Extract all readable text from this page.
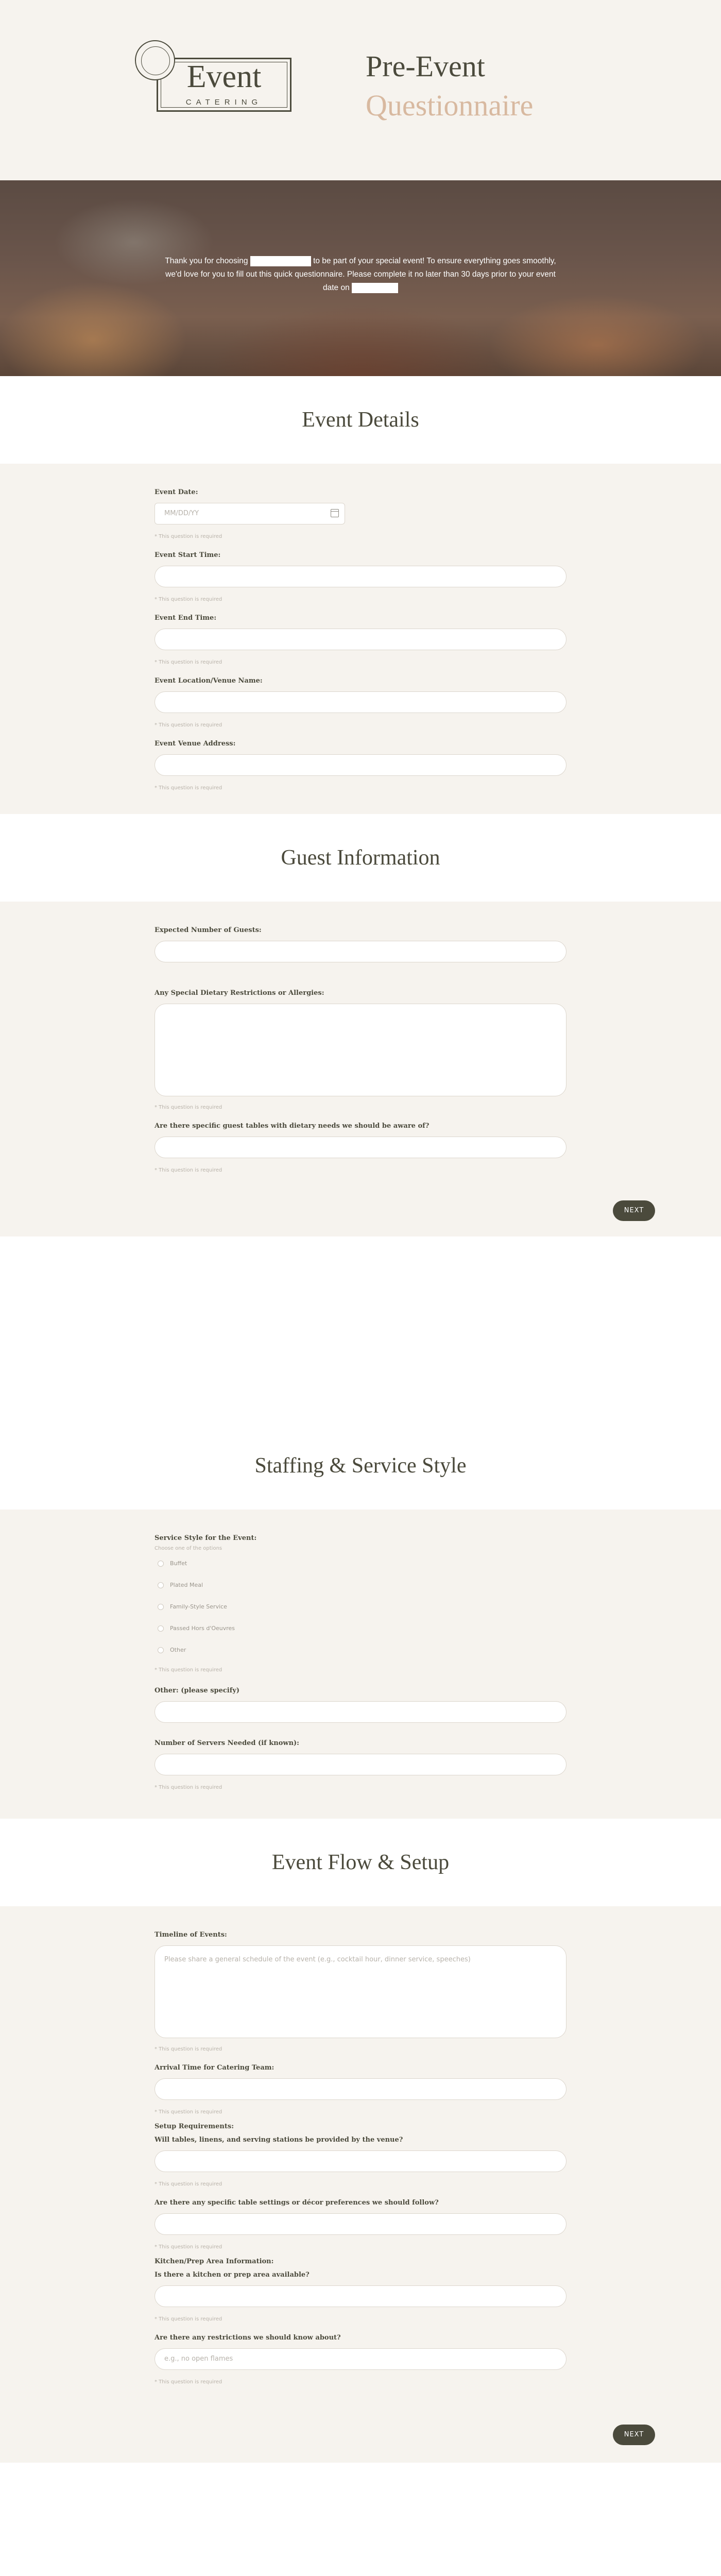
Event
CATERING
Pre-Event
Questionnaire
Thank you for choosing	to be part of your special event! To ensure everything goes smoothly, we'd love for you to fill out this quick questionnaire. Please complete it no later than 30 days prior to your event date on
Event Details
Event Date:
MM/DD/YY
* This question is required
Event Start Time:
* This question is required
Event End Time:
* This question is required
Event Location/Venue Name:
* This question is required
Event Venue Address:
* This question is required
Guest Information
Expected Number of Guests:
Any Special Dietary Restrictions or Allergies:
* This question is required
Are there specific guest tables with dietary needs we should be aware of?
* This question is required
NEXT
Staffing & Service Style
Service Style for the Event:
Choose one of the options
Buffet
Plated Meal
Family-Style Service
Passed Hors d'Oeuvres
Other
* This question is required
Other: (please specify)
Number of Servers Needed (if known):
* This question is required
Event Flow & Setup
Timeline of Events:
Please share a general schedule of the event (e.g., cocktail hour, dinner service, speeches)
* This question is required
Arrival Time for Catering Team:
* This question is required
Setup Requirements:
Will tables, linens, and serving stations be provided by the venue?
* This question is required
Are there any specific table settings or décor preferences we should follow?
* This question is required
Kitchen/Prep Area Information:
Is there a kitchen or prep area available?
* This question is required
Are there any restrictions we should know about?
e.g., no open flames
* This question is required
NEXT
